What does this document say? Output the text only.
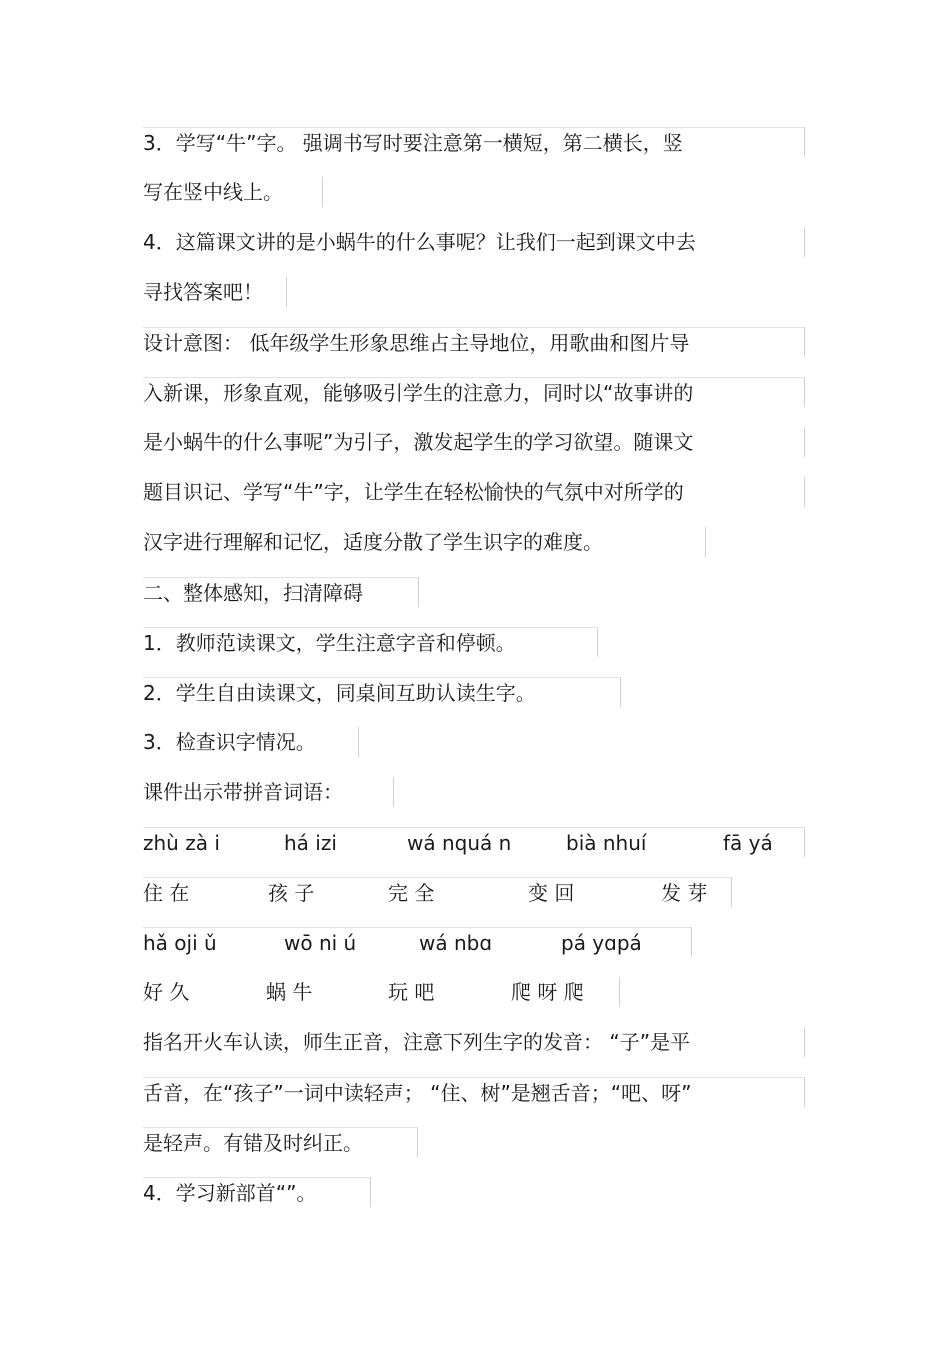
3．学写“牛”字。 强调书写时要注意第一横短，第二横长，竖
写在竖中线上。
4．这篇课文讲的是小蜗牛的什么事呢？让我们一起到课文中去
寻找答案吧！
设计意图： 低年级学生形象思维占主导地位，用歌曲和图片导
入新课，形象直观，能够吸引学生的注意力，同时以“故事讲的
是小蜗牛的什么事呢”为引子，激发起学生的学习欲望。随课文
题目识记、学写“牛”字，让学生在轻松愉快的气氛中对所学的
汉字进行理解和记忆，适度分散了学生识字的难度。
二、整体感知，扫清障碍
1．教师范读课文，学生注意字音和停顿。
2．学生自由读课文，同桌间互助认读生字。
3．检查识字情况。
课件出示带拼音词语：
zhù zà i	há izi	wá nquá n	bià nhuí	fā yá
住 在	孩 子	完 全	变 回	发 芽
hǎ oji ǔ	wō ni ú	wá nbɑ	pá yɑpá
好 久	蜗 牛	玩 吧	爬 呀 爬
指名开火车认读，师生正音，注意下列生字的发音： “子”是平
舌音，在“孩子”一词中读轻声； “住、树”是翘舌音；“吧、呀”
是轻声。有错及时纠正。
4．学习新部首“”。
